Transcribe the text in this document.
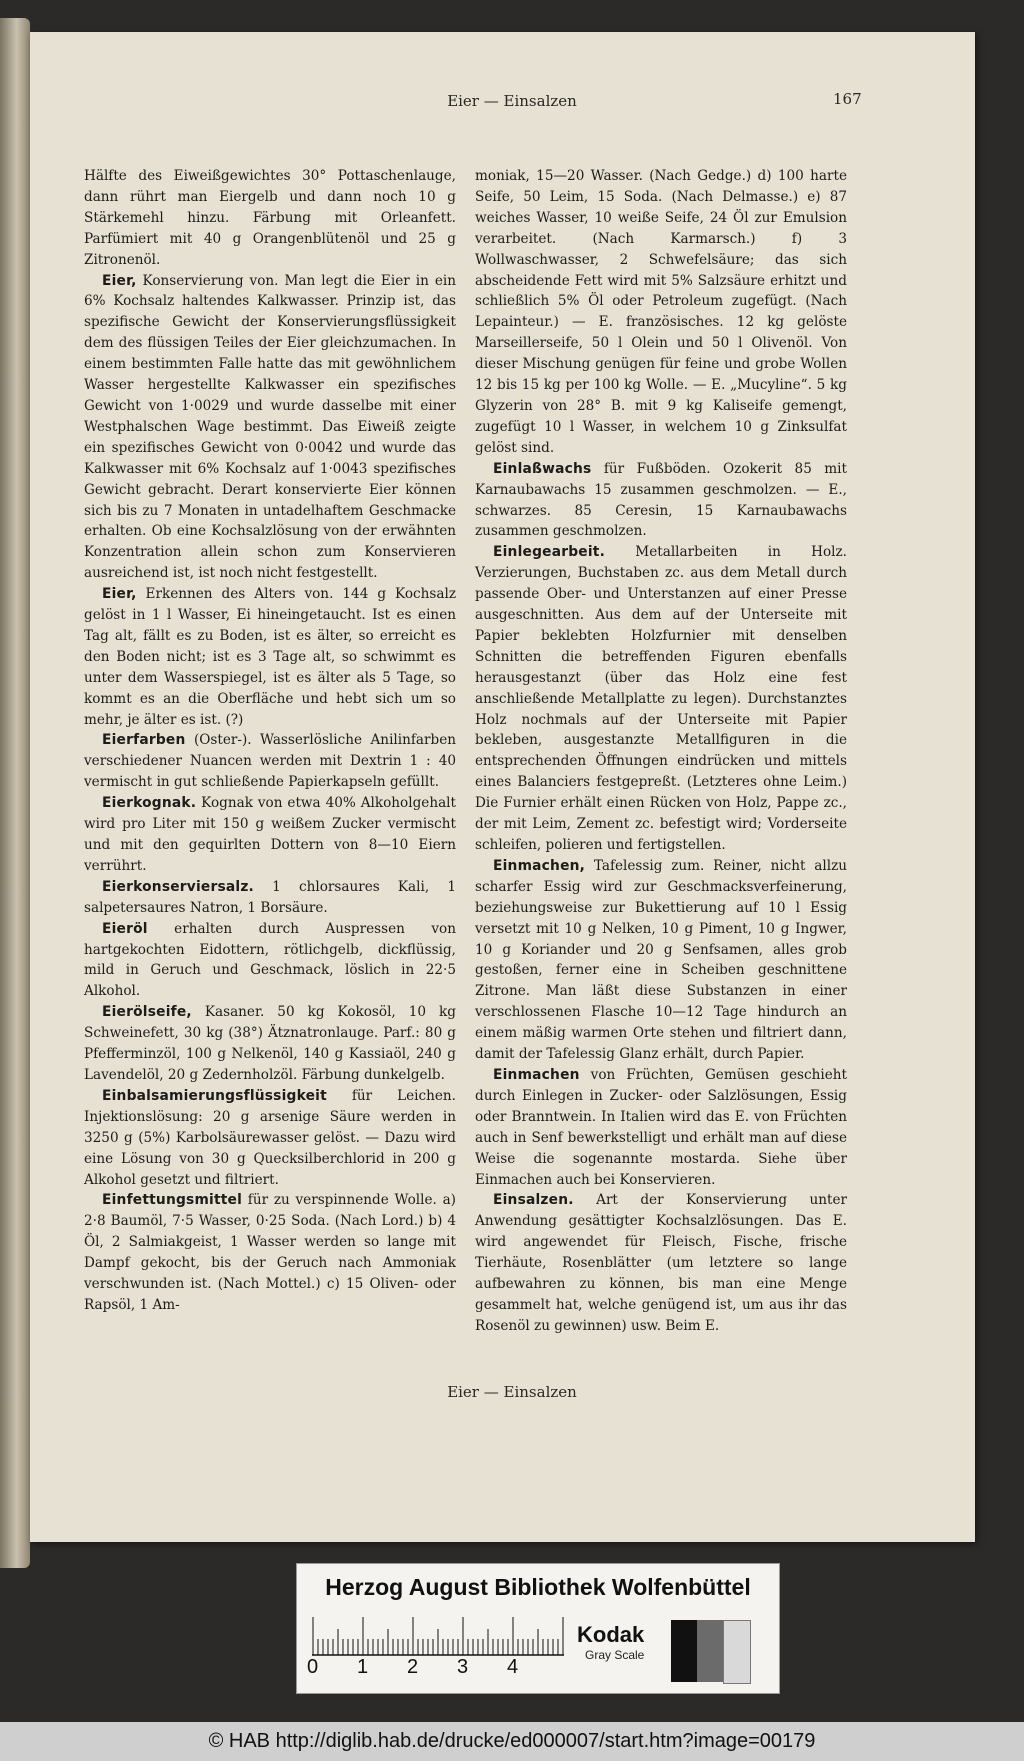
Eier — Einsalzen	167

Hälfte des Eiweißgewichtes 30° Pottaschenlauge, dann rührt man Eiergelb und dann noch 10 g Stärkemehl hinzu. Färbung mit Orleanfett. Parfümiert mit 40 g Orangenblütenöl und 25 g Zitronenöl.

Eier, Konservierung von. Man legt die Eier in ein 6% Kochsalz haltendes Kalkwasser. Prinzip ist, das spezifische Gewicht der Konservierungsflüssigkeit dem des flüssigen Teiles der Eier gleichzumachen. In einem bestimmten Falle hatte das mit gewöhnlichem Wasser hergestellte Kalkwasser ein spezifisches Gewicht von 1·0029 und wurde dasselbe mit einer Westphalschen Wage bestimmt. Das Eiweiß zeigte ein spezifisches Gewicht von 0·0042 und wurde das Kalkwasser mit 6% Kochsalz auf 1·0043 spezifisches Gewicht gebracht. Derart konservierte Eier können sich bis zu 7 Monaten in untadelhaftem Geschmacke erhalten. Ob eine Kochsalzlösung von der erwähnten Konzentration allein schon zum Konservieren ausreichend ist, ist noch nicht festgestellt.

Eier, Erkennen des Alters von. 144 g Kochsalz gelöst in 1 l Wasser, Ei hineingetaucht. Ist es einen Tag alt, fällt es zu Boden, ist es älter, so erreicht es den Boden nicht; ist es 3 Tage alt, so schwimmt es unter dem Wasserspiegel, ist es älter als 5 Tage, so kommt es an die Oberfläche und hebt sich um so mehr, je älter es ist. (?)

Eierfarben (Oster-). Wasserlösliche Anilinfarben verschiedener Nuancen werden mit Dextrin 1 : 40 vermischt in gut schließende Papierkapseln gefüllt.

Eierkognak. Kognak von etwa 40% Alkoholgehalt wird pro Liter mit 150 g weißem Zucker vermischt und mit den gequirlten Dottern von 8—10 Eiern verrührt.

Eierkonserviersalz. 1 chlorsaures Kali, 1 salpetersaures Natron, 1 Borsäure.

Eieröl erhalten durch Auspressen von hartgekochten Eidottern, rötlichgelb, dickflüssig, mild in Geruch und Geschmack, löslich in 22·5 Alkohol.

Eierölseife, Kasaner. 50 kg Kokosöl, 10 kg Schweinefett, 30 kg (38°) Ätznatronlauge. Parf.: 80 g Pfefferminzöl, 100 g Nelkenöl, 140 g Kassiaöl, 240 g Lavendelöl, 20 g Zedernholzöl. Färbung dunkelgelb.

Einbalsamierungsflüssigkeit für Leichen. Injektionslösung: 20 g arsenige Säure werden in 3250 g (5%) Karbolsäurewasser gelöst. — Dazu wird eine Lösung von 30 g Quecksilberchlorid in 200 g Alkohol gesetzt und filtriert.

Einfettungsmittel für zu verspinnende Wolle. a) 2·8 Baumöl, 7·5 Wasser, 0·25 Soda. (Nach Lord.) b) 4 Öl, 2 Salmiakgeist, 1 Wasser werden so lange mit Dampf gekocht, bis der Geruch nach Ammoniak verschwunden ist. (Nach Mottel.) c) 15 Oliven- oder Rapsöl, 1 Am-

moniak, 15—20 Wasser. (Nach Gedge.) d) 100 harte Seife, 50 Leim, 15 Soda. (Nach Delmasse.) e) 87 weiches Wasser, 10 weiße Seife, 24 Öl zur Emulsion verarbeitet. (Nach Karmarsch.) f) 3 Wollwaschwasser, 2 Schwefelsäure; das sich abscheidende Fett wird mit 5% Salzsäure erhitzt und schließlich 5% Öl oder Petroleum zugefügt. (Nach Lepainteur.) — E. französisches. 12 kg gelöste Marseillerseife, 50 l Olein und 50 l Olivenöl. Von dieser Mischung genügen für feine und grobe Wollen 12 bis 15 kg per 100 kg Wolle. — E. „Mucyline“. 5 kg Glyzerin von 28° B. mit 9 kg Kaliseife gemengt, zugefügt 10 l Wasser, in welchem 10 g Zinksulfat gelöst sind.

Einlaßwachs für Fußböden. Ozokerit 85 mit Karnaubawachs 15 zusammen geschmolzen. — E., schwarzes. 85 Ceresin, 15 Karnaubawachs zusammen geschmolzen.

Einlegearbeit. Metallarbeiten in Holz. Verzierungen, Buchstaben zc. aus dem Metall durch passende Ober- und Unterstanzen auf einer Presse ausgeschnitten. Aus dem auf der Unterseite mit Papier beklebten Holzfurnier mit denselben Schnitten die betreffenden Figuren ebenfalls herausgestanzt (über das Holz eine fest anschließende Metallplatte zu legen). Durchstanztes Holz nochmals auf der Unterseite mit Papier bekleben, ausgestanzte Metallfiguren in die entsprechenden Öffnungen eindrücken und mittels eines Balanciers festgepreßt. (Letzteres ohne Leim.) Die Furnier erhält einen Rücken von Holz, Pappe zc., der mit Leim, Zement zc. befestigt wird; Vorderseite schleifen, polieren und fertigstellen.

Einmachen, Tafelessig zum. Reiner, nicht allzu scharfer Essig wird zur Geschmacksverfeinerung, beziehungsweise zur Bukettierung auf 10 l Essig versetzt mit 10 g Nelken, 10 g Piment, 10 g Ingwer, 10 g Koriander und 20 g Senfsamen, alles grob gestoßen, ferner eine in Scheiben geschnittene Zitrone. Man läßt diese Substanzen in einer verschlossenen Flasche 10—12 Tage hindurch an einem mäßig warmen Orte stehen und filtriert dann, damit der Tafelessig Glanz erhält, durch Papier.

Einmachen von Früchten, Gemüsen geschieht durch Einlegen in Zucker- oder Salzlösungen, Essig oder Branntwein. In Italien wird das E. von Früchten auch in Senf bewerkstelligt und erhält man auf diese Weise die sogenannte mostarda. Siehe über Einmachen auch bei Konservieren.

Einsalzen. Art der Konservierung unter Anwendung gesättigter Kochsalzlösungen. Das E. wird angewendet für Fleisch, Fische, frische Tierhäute, Rosenblätter (um letztere so lange aufbewahren zu können, bis man eine Menge gesammelt hat, welche genügend ist, um aus ihr das Rosenöl zu gewinnen) usw. Beim E.

Eier — Einsalzen
Herzog August Bibliothek Wolfenbüttel
0 1 2 3 4
Kodak
Gray Scale
© HAB http://diglib.hab.de/drucke/ed000007/start.htm?image=00179
